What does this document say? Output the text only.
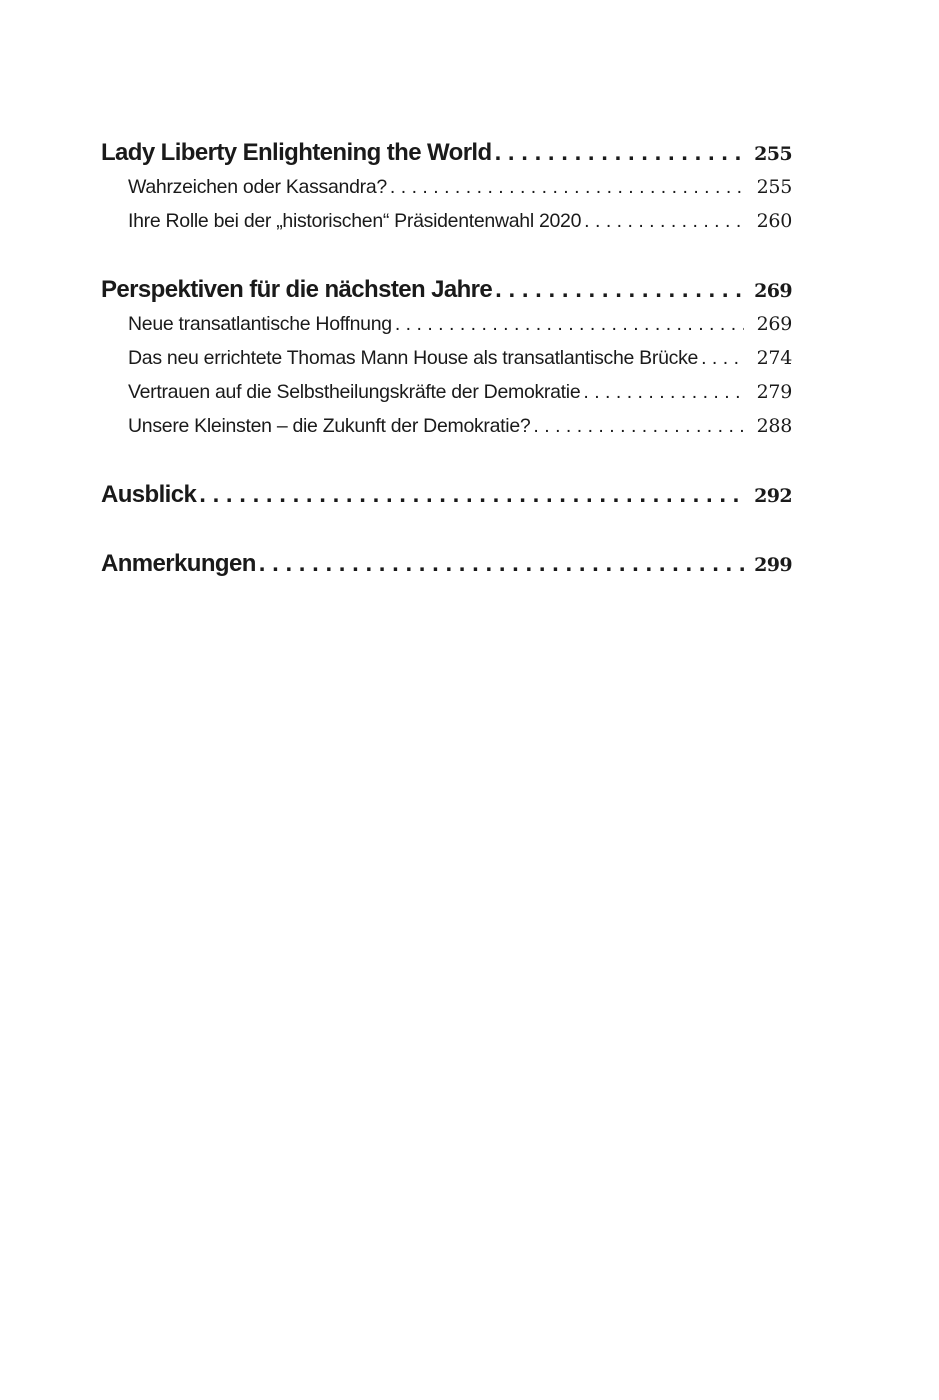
Lady Liberty Enlightening the World . . .	255
Wahrzeichen oder Kassandra? . . .	255
Ihre Rolle bei der „historischen“ Präsidentenwahl 2020 . . .	260
Perspektiven für die nächsten Jahre . . .	269
Neue transatlantische Hoffnung . . .	269
Das neu errichtete Thomas Mann House als transatlantische Brücke . . .	274
Vertrauen auf die Selbstheilungskräfte der Demokratie . . .	279
Unsere Kleinsten – die Zukunft der Demokratie? . . .	288
Ausblick . . .	292
Anmerkungen . . .	299
